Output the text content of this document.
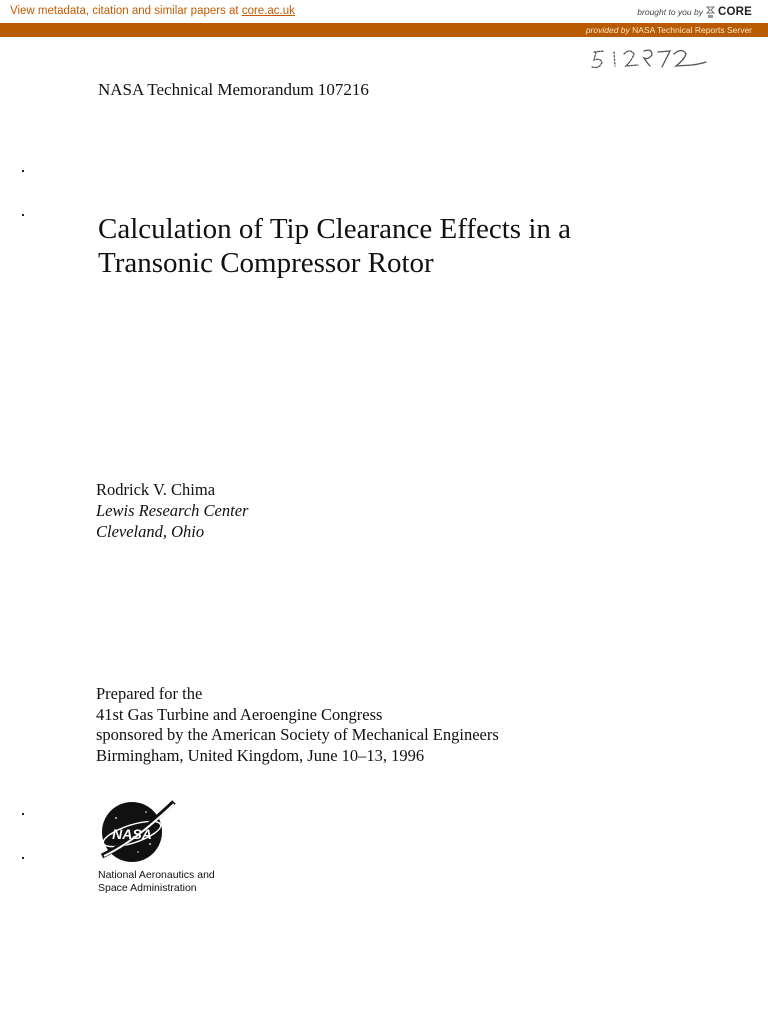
View metadata, citation and similar papers at core.ac.uk	brought to you by CORE
provided by NASA Technical Reports Server
NASA Technical Memorandum 107216
Calculation of Tip Clearance Effects in a
Transonic Compressor Rotor
Rodrick V. Chima
Lewis Research Center
Cleveland, Ohio
Prepared for the
41st Gas Turbine and Aeroengine Congress
sponsored by the American Society of Mechanical Engineers
Birmingham, United Kingdom, June 10–13, 1996
NASA
National Aeronautics and
Space Administration
